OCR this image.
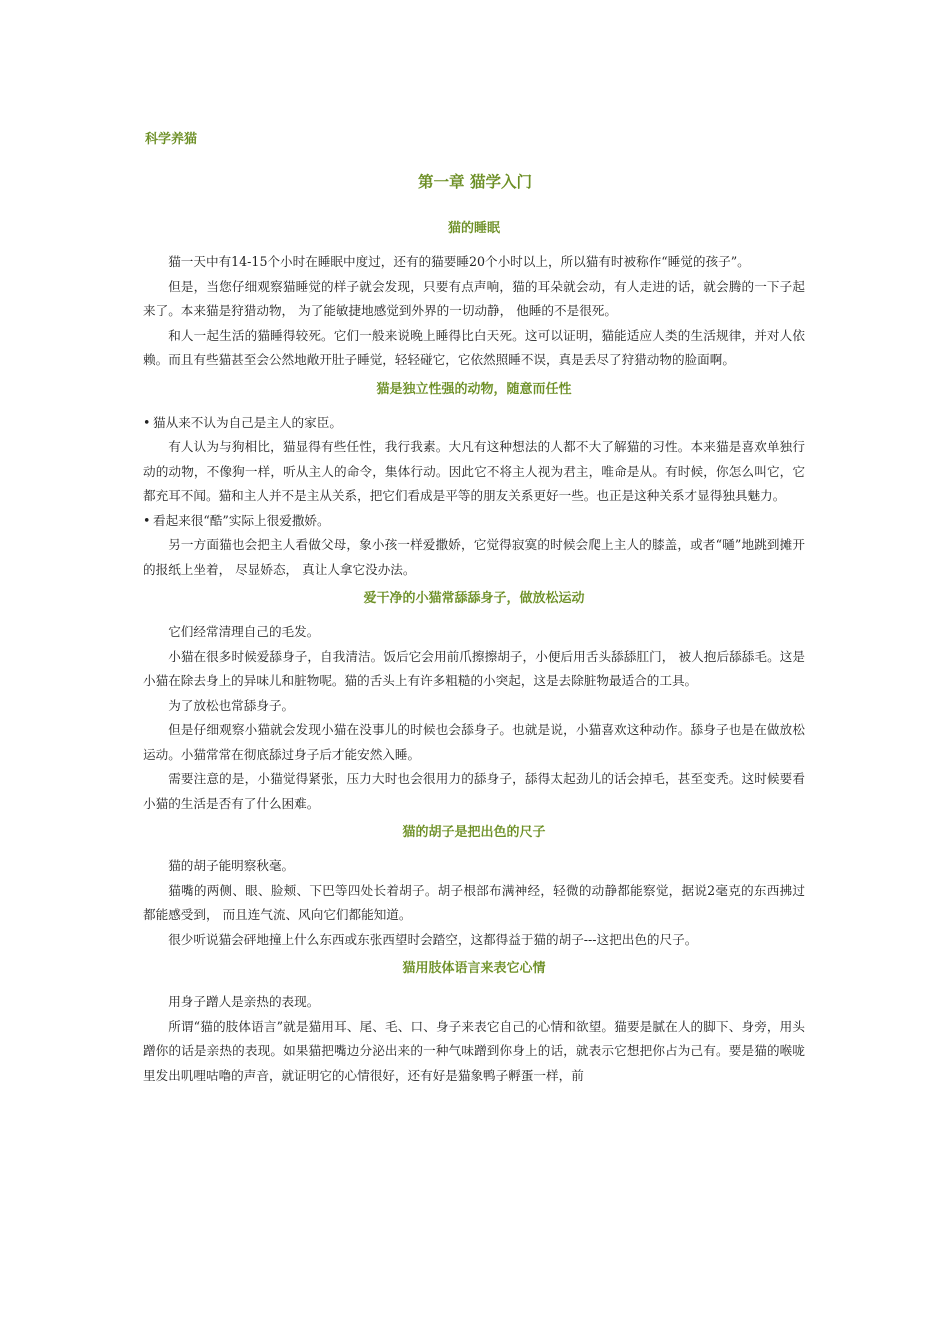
科学养猫
第一章 猫学入门
猫的睡眠

猫一天中有14-15个小时在睡眠中度过，还有的猫要睡20个小时以上，所以猫有时被称作“睡觉的孩子”。

但是，当您仔细观察猫睡觉的样子就会发现，只要有点声响，猫的耳朵就会动，有人走进的话，就会腾的一下子起来了。本来猫是狩猎动物， 为了能敏捷地感觉到外界的一切动静， 他睡的不是很死。

和人一起生活的猫睡得较死。它们一般来说晚上睡得比白天死。这可以证明，猫能适应人类的生活规律，并对人依赖。而且有些猫甚至会公然地敞开肚子睡觉，轻轻碰它，它依然照睡不误，真是丢尽了狩猎动物的脸面啊。

猫是独立性强的动物，随意而任性

• 猫从来不认为自己是主人的家臣。

有人认为与狗相比，猫显得有些任性，我行我素。大凡有这种想法的人都不大了解猫的习性。本来猫是喜欢单独行动的动物，不像狗一样，听从主人的命令，集体行动。因此它不将主人视为君主，唯命是从。有时候，你怎么叫它，它都充耳不闻。猫和主人并不是主从关系，把它们看成是平等的朋友关系更好一些。也正是这种关系才显得独具魅力。

• 看起来很“酷”实际上很爱撒娇。

另一方面猫也会把主人看做父母，象小孩一样爱撒娇，它觉得寂寞的时候会爬上主人的膝盖，或者“嗵”地跳到摊开的报纸上坐着， 尽显娇态， 真让人拿它没办法。

爱干净的小猫常舔舔身子，做放松运动

它们经常清理自己的毛发。

小猫在很多时候爱舔身子，自我清洁。饭后它会用前爪擦擦胡子，小便后用舌头舔舔肛门， 被人抱后舔舔毛。这是小猫在除去身上的异味儿和脏物呢。猫的舌头上有许多粗糙的小突起，这是去除脏物最适合的工具。

为了放松也常舔身子。

但是仔细观察小猫就会发现小猫在没事儿的时候也会舔身子。也就是说，小猫喜欢这种动作。舔身子也是在做放松运动。小猫常常在彻底舔过身子后才能安然入睡。

需要注意的是，小猫觉得紧张，压力大时也会很用力的舔身子，舔得太起劲儿的话会掉毛，甚至变秃。这时候要看小猫的生活是否有了什么困难。

猫的胡子是把出色的尺子

猫的胡子能明察秋毫。

猫嘴的两侧、眼、脸颊、下巴等四处长着胡子。胡子根部布满神经，轻微的动静都能察觉，据说2毫克的东西拂过都能感受到， 而且连气流、风向它们都能知道。

很少听说猫会砰地撞上什么东西或东张西望时会踏空，这都得益于猫的胡子---这把出色的尺子。

猫用肢体语言来表它心情

用身子蹭人是亲热的表现。

所谓“猫的肢体语言”就是猫用耳、尾、毛、口、身子来表它自己的心情和欲望。猫要是腻在人的脚下、身旁，用头蹭你的话是亲热的表现。如果猫把嘴边分泌出来的一种气味蹭到你身上的话，就表示它想把你占为己有。要是猫的喉咙里发出叽哩咕噜的声音，就证明它的心情很好，还有好是猫象鸭子孵蛋一样，前
